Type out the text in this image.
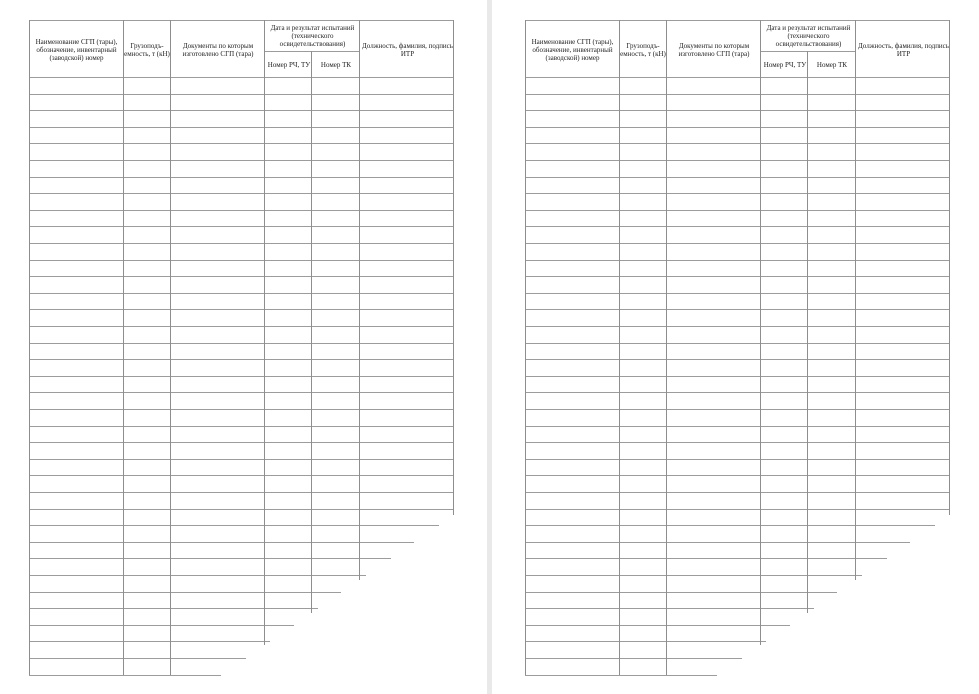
Наименование СГП (тары), обозначение, инвентарный (заводской) номер
Грузоподъ- емность, т (кН)
Документы по которым изготовлено СГП (тара)
Дата и результат испытаний (технического освидетельствования)
Номер РЧ, ТУ	Номер ТК
Должность, фамилия, подпись ИТР
Наименование СГП (тары), обозначение, инвентарный (заводской) номер
Грузоподъ- емность, т (кН)
Документы по которым изготовлено СГП (тара)
Дата и результат испытаний (технического освидетельствования)
Номер РЧ, ТУ	Номер ТК
Должность, фамилия, подпись ИТР
